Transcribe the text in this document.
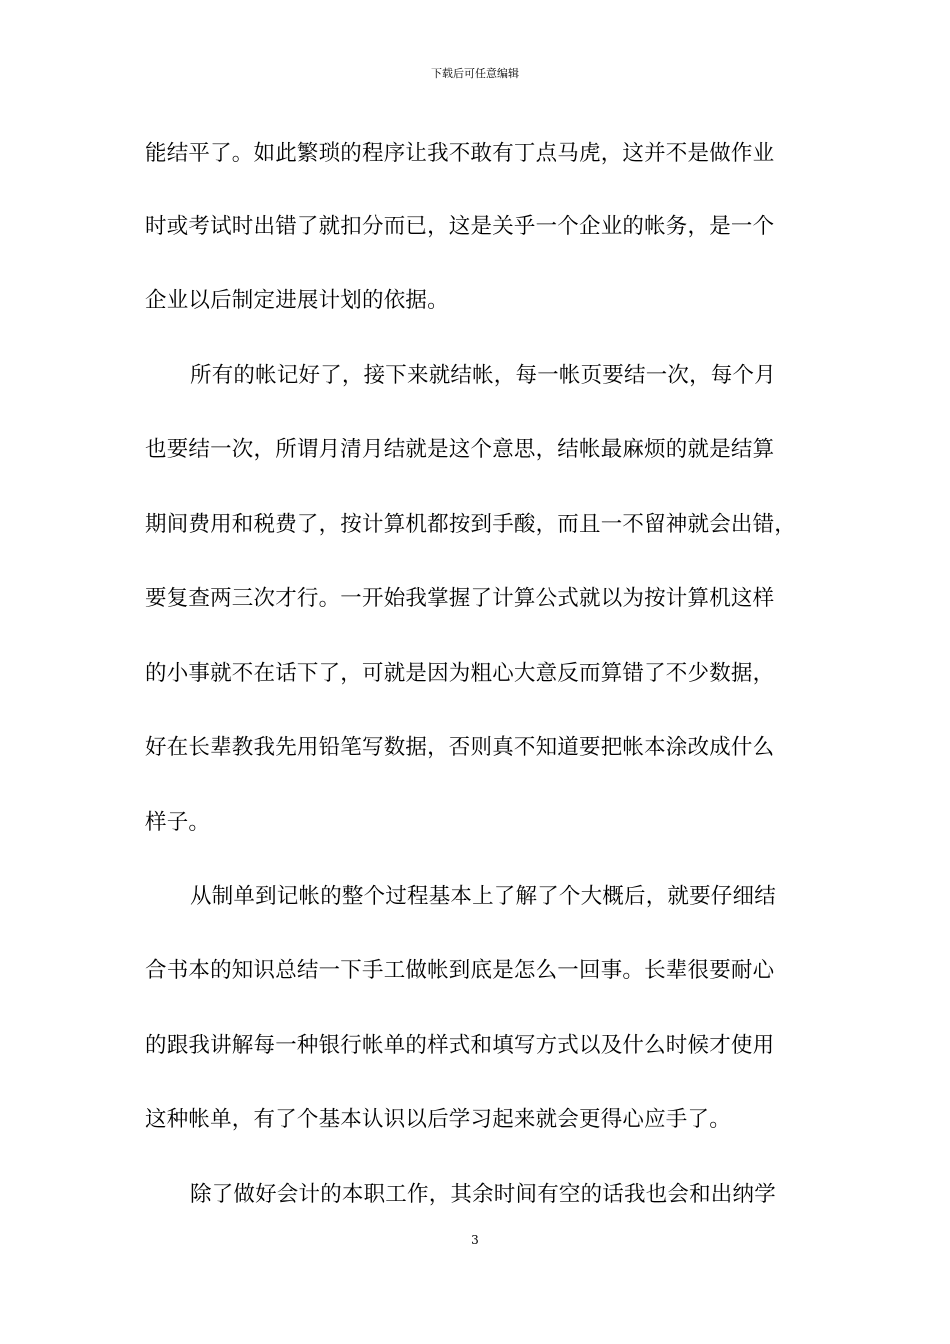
下载后可任意编辑
能结平了。如此繁琐的程序让我不敢有丁点马虎，这并不是做作业
时或考试时出错了就扣分而已，这是关乎一个企业的帐务，是一个
企业以后制定进展计划的依据。
所有的帐记好了，接下来就结帐，每一帐页要结一次，每个月
也要结一次，所谓月清月结就是这个意思，结帐最麻烦的就是结算
期间费用和税费了，按计算机都按到手酸，而且一不留神就会出错，
要复查两三次才行。一开始我掌握了计算公式就以为按计算机这样
的小事就不在话下了，可就是因为粗心大意反而算错了不少数据，
好在长辈教我先用铅笔写数据，否则真不知道要把帐本涂改成什么
样子。
从制单到记帐的整个过程基本上了解了个大概后，就要仔细结
合书本的知识总结一下手工做帐到底是怎么一回事。长辈很要耐心
的跟我讲解每一种银行帐单的样式和填写方式以及什么时候才使用
这种帐单，有了个基本认识以后学习起来就会更得心应手了。
除了做好会计的本职工作，其余时间有空的话我也会和出纳学
3
